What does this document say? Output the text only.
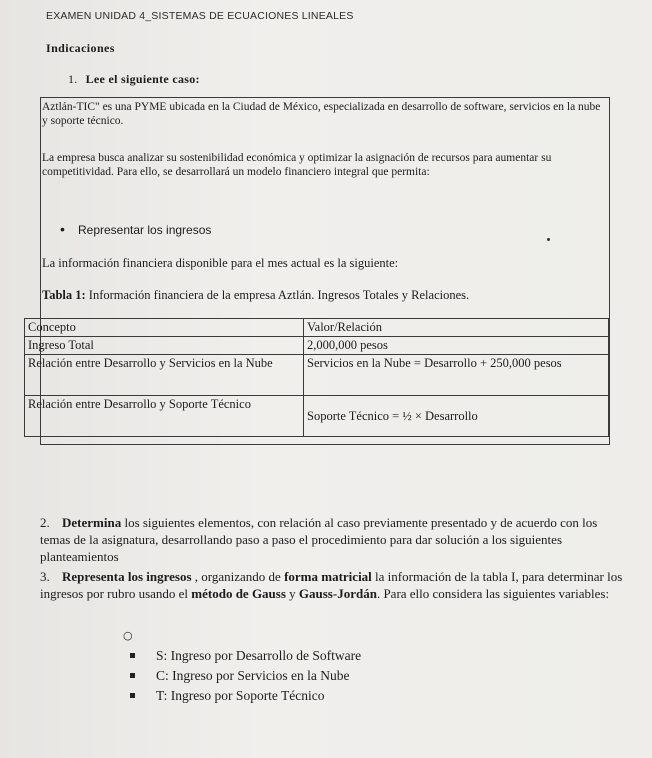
EXAMEN UNIDAD 4_SISTEMAS DE ECUACIONES LINEALES
Indicaciones
1. Lee el siguiente caso:
Aztlán-TIC" es una PYME ubicada en la Ciudad de México, especializada en desarrollo de software, servicios en la nube y soporte técnico.
La empresa busca analizar su sostenibilidad económica y optimizar la asignación de recursos para aumentar su competitividad. Para ello, se desarrollará un modelo financiero integral que permita:
• Representar los ingresos
La información financiera disponible para el mes actual es la siguiente:
Tabla 1: Información financiera de la empresa Aztlán. Ingresos Totales y Relaciones.
Concepto	Valor/Relación
Ingreso Total	2,000,000 pesos
Relación entre Desarrollo y Servicios en la Nube	Servicios en la Nube = Desarrollo + 250,000 pesos
Relación entre Desarrollo y Soporte Técnico	Soporte Técnico = ½ × Desarrollo
2. Determina los siguientes elementos, con relación al caso previamente presentado y de acuerdo con los temas de la asignatura, desarrollando paso a paso el procedimiento para dar solución a los siguientes planteamientos
3. Representa los ingresos , organizando de forma matricial la información de la tabla I, para determinar los ingresos por rubro usando el método de Gauss y Gauss-Jordán. Para ello considera las siguientes variables:
○
S: Ingreso por Desarrollo de Software
C: Ingreso por Servicios en la Nube
T: Ingreso por Soporte Técnico
